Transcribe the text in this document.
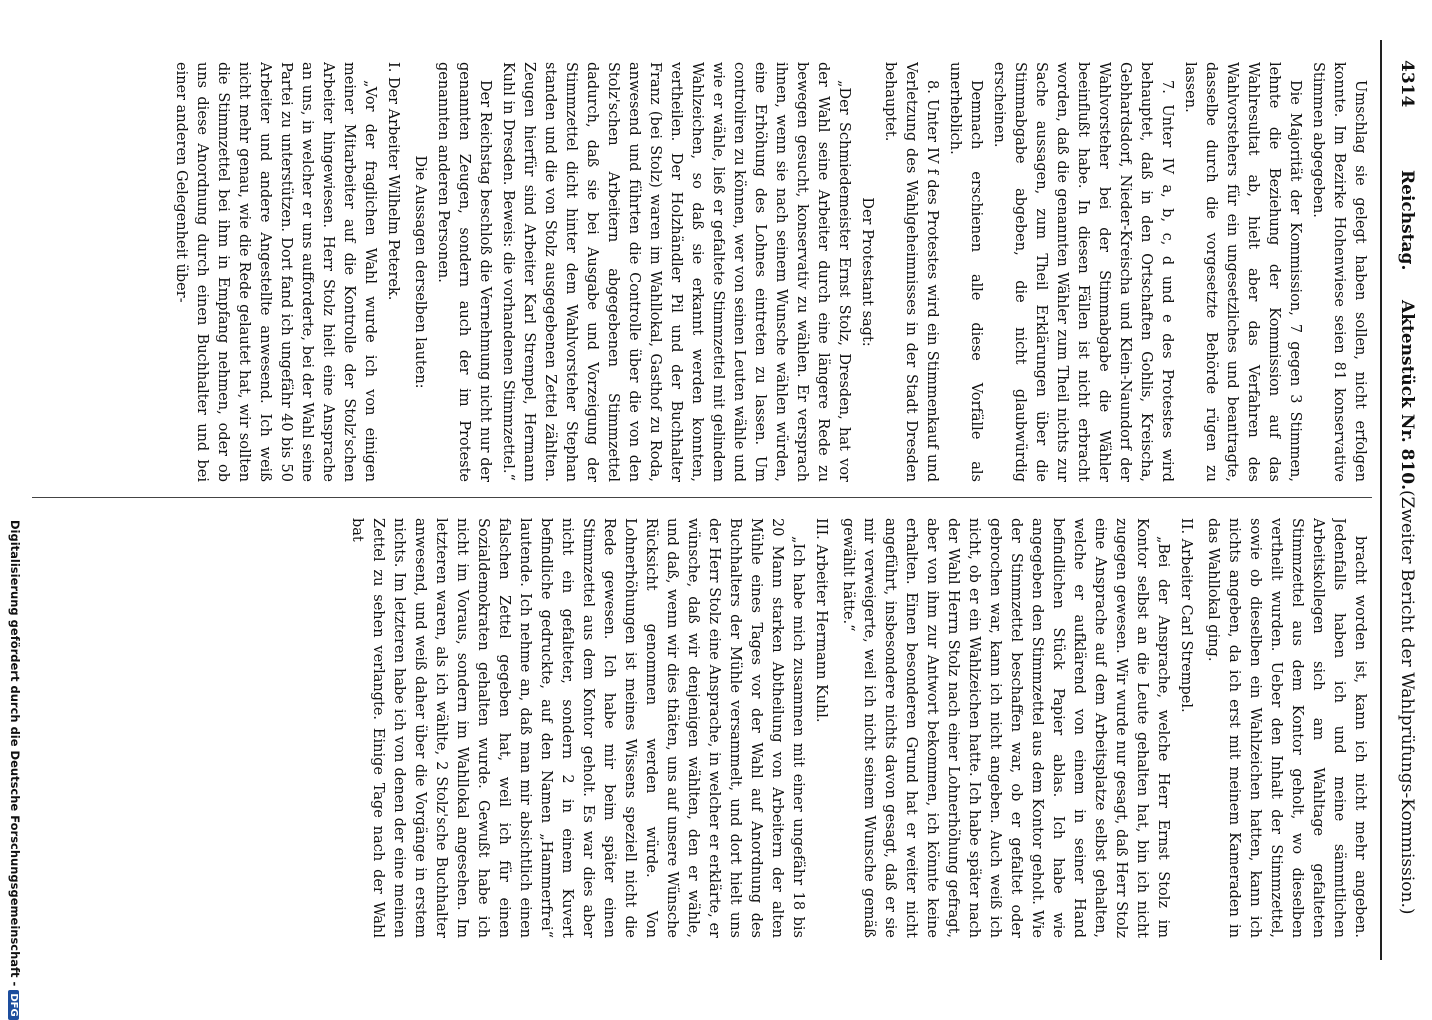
4314
Reichstag.
Aktenstück Nr. 810.
(Zweiter Bericht der Wahlprüfungs-Kommission.)

Umschlag sie gelegt haben sollen, nicht erfolgen konnte. Im Bezirke Hohenwiese seien 81 konservative Stimmen abgegeben.

Die Majorität der Kommission, 7 gegen 3 Stimmen, lehnte die Beziehung der Kommission auf das Wahlresultat ab, hielt aber das Verfahren des Wahlvorstehers für ein ungesetzliches und beantragte, dasselbe durch die vorgesetzte Behörde rügen zu lassen.

7. Unter IV a, b, c, d und e des Protestes wird behauptet, daß in den Ortschaften Gohlis, Kreischa, Gebhardsdorf, Nieder-Kreischa und Klein-Naundorf der Wahlvorsteher bei der Stimmabgabe die Wähler beeinflußt habe. In diesen Fällen ist nicht erbracht worden, daß die genannten Wähler zum Theil nichts zur Sache aussagen, zum Theil Erklärungen über die Stimmabgabe abgeben, die nicht glaubwürdig erscheinen.

Demnach erschienen alle diese Vorfälle als unerheblich.

8. Unter IV f des Protestes wird ein Stimmenkauf und Verletzung des Wahlgeheimnisses in der Stadt Dresden behauptet.

Der Protestant sagt:

„Der Schmiedemeister Ernst Stolz, Dresden, hat vor der Wahl seine Arbeiter durch eine längere Rede zu bewegen gesucht, konservativ zu wählen. Er versprach ihnen, wenn sie nach seinem Wunsche wählen würden, eine Erhöhung des Lohnes eintreten zu lassen. Um controliren zu können, wer von seinen Leuten wähle und wie er wähle, ließ er gefaltete Stimmzettel mit gelindem Wahlzeichen, so daß sie erkannt werden konnten, vertheilen. Der Holzhändler Pil und der Buchhalter Franz (bei Stolz) waren im Wahllokal, Gasthof zu Roda, anwesend und führten die Controlle über die von den Stolz'schen Arbeitern abgegebenen Stimmzettel dadurch, daß sie bei Ausgabe und Vorzeigung der Stimmzettel dicht hinter dem Wahlvorsteher Stephan standen und die von Stolz ausgegebenen Zettel zählten. Zeugen hierfür sind Arbeiter Karl Strempel, Hermann Kuhl in Dresden. Beweis: die vorhandenen Stimmzettel.“

Der Reichstag beschloß die Vernehmung nicht nur der genannten Zeugen, sondern auch der im Proteste genannten anderen Personen.

Die Aussagen derselben lauten:

I. Der Arbeiter Wilhelm Peterek.

„Vor der fraglichen Wahl wurde ich von einigen meiner Mitarbeiter auf die Kontrolle der Stolz'schen Arbeiter hingewiesen. Herr Stolz hielt eine Ansprache an uns, in welcher er uns aufforderte, bei der Wahl seine Partei zu unterstützen. Dort fand ich ungefähr 40 bis 50 Arbeiter und andere Angestellte anwesend. Ich weiß nicht mehr genau, wie die Rede gelautet hat, wir sollten die Stimmzettel bei ihm in Empfang nehmen, oder ob uns diese Anordnung durch einen Buchhalter und bei einer anderen Gelegenheit über-

bracht worden ist, kann ich nicht mehr angeben. Jedenfalls haben ich und meine sämmtlichen Arbeitskollegen sich am Wahltage gefalteten Stimmzettel aus dem Kontor geholt, wo dieselben vertheilt wurden. Ueber den Inhalt der Stimmzettel, sowie ob dieselben ein Wahlzeichen hatten, kann ich nichts angeben, da ich erst mit meinem Kameraden in das Wahllokal ging.

II. Arbeiter Carl Strempel.

„Bei der Ansprache, welche Herr Ernst Stolz im Kontor selbst an die Leute gehalten hat, bin ich nicht zugegen gewesen. Wir wurde nur gesagt, daß Herr Stolz eine Ansprache auf dem Arbeitsplatze selbst gehalten, welche er aufklärend von einem in seiner Hand befindlichen Stück Papier ablas. Ich habe wie angegeben den Stimmzettel aus dem Kontor geholt. Wie der Stimmzettel beschaffen war, ob er gefaltet oder gebrochen war, kann ich nicht angeben. Auch weiß ich nicht, ob er ein Wahlzeichen hatte. Ich habe später nach der Wahl Herrn Stolz nach einer Lohnerhöhung gefragt, aber von ihm zur Antwort bekommen, ich könnte keine erhalten. Einen besonderen Grund hat er weiter nicht angeführt, insbesondere nichts davon gesagt, daß er sie mir verweigerte, weil ich nicht seinem Wunsche gemäß gewählt hätte.“

III. Arbeiter Hermann Kuhl.

„Ich habe mich zusammen mit einer ungefähr 18 bis 20 Mann starken Abtheilung von Arbeitern der alten Mühle eines Tages vor der Wahl auf Anordnung des Buchhalters der Mühle versammelt, und dort hielt uns der Herr Stolz eine Ansprache, in welcher er erklärte, er wünsche, daß wir denjenigen wählten, den er wähle, und daß, wenn wir dies thäten, uns auf unsere Wünsche Rücksicht genommen werden würde. Von Lohnerhöhungen ist meines Wissens speziell nicht die Rede gewesen. Ich habe mir beim später einen Stimmzettel aus dem Kontor geholt. Es war dies aber nicht ein gefalteter, sondern 2 in einem Kuvert befindliche gedruckte, auf den Namen „Hammerfrei“ lautende. Ich nehme an, daß man mir absichtlich einen falschen Zettel gegeben hat, weil ich für einen Sozialdemokraten gehalten wurde. Gewußt habe ich nicht im Voraus, sondern im Wahllokal angesehen. Im letzteren waren, als ich wählte, 2 Stolz'sche Buchhalter anwesend, und weiß daher über die Vorgänge in erstem nichts. Im letzteren habe ich von denen der eine meinen Zettel zu sehen verlangte. Einige Tage nach der Wahl bat

Digitalisierung gefördert durch die Deutsche Forschungsgemeinschaft -DFG
